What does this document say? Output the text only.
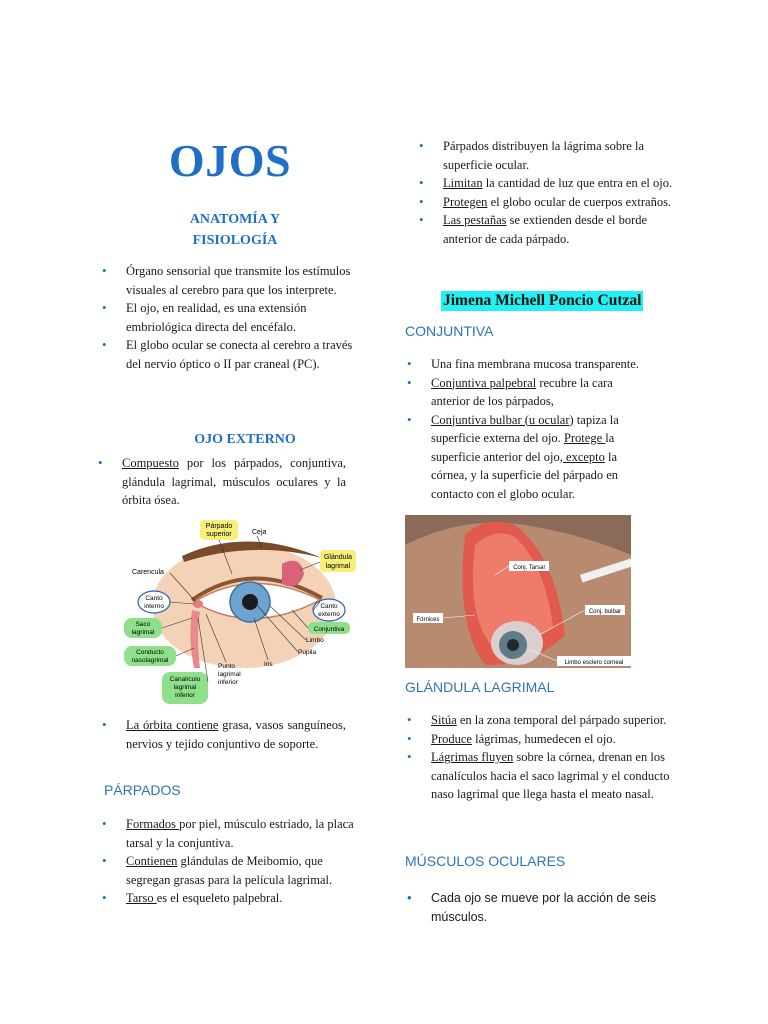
OJOS
ANATOMÍA Y
FISIOLOGÍA
• Órgano sensorial que transmite los estímulos visuales al cerebro para que los interprete.
• El ojo, en realidad, es una extensión embriológica directa del encéfalo.
• El globo ocular se conecta al cerebro a través del nervio óptico o II par craneal (PC).
OJO EXTERNO
• Compuesto por los párpados, conjuntiva, glándula lagrimal, músculos oculares y la órbita ósea.
Párpado
superior	Ceja
Glándula
lagrimal
Carencula
Canto
interno	Canto
externo
Saco
lagrimal	Conjuntiva
Limbo
Pupila
Conducto
nasolagrimal
Iris
Punto
lagrimal
inferior
Canalículo
lagrimal
inferior
• La órbita contiene grasa, vasos sanguíneos, nervios y tejido conjuntivo de soporte.
PÁRPADOS
• Formados por piel, músculo estriado, la placa tarsal y la conjuntiva.
• Contienen glándulas de Meibomio, que segregan grasas para la película lagrimal.
• Tarso es el esqueleto palpebral.
• Párpados distribuyen la lágrima sobre la superficie ocular.
• Limitan la cantidad de luz que entra en el ojo.
• Protegen el globo ocular de cuerpos extraños.
• Las pestañas se extienden desde el borde anterior de cada párpado.
Jimena Michell Poncio Cutzal
CONJUNTIVA
• Una fina membrana mucosa transparente.
• Conjuntiva palpebral recubre la cara anterior de los párpados,
• Conjuntiva bulbar (u ocular) tapiza la superficie externa del ojo. Protege la superficie anterior del ojo, excepto la córnea, y la superficie del párpado en contacto con el globo ocular.
Conj. Tarsal
Fórnices
Conj. bulbar
Limbo esclero corneal
GLÁNDULA LAGRIMAL
• Sitúa en la zona temporal del párpado superior.
• Produce lágrimas, humedecen el ojo.
• Lágrimas fluyen sobre la córnea, drenan en los canalículos hacia el saco lagrimal y el conducto naso lagrimal que llega hasta el meato nasal.
MÚSCULOS OCULARES
• Cada ojo se mueve por la acción de seis músculos.
